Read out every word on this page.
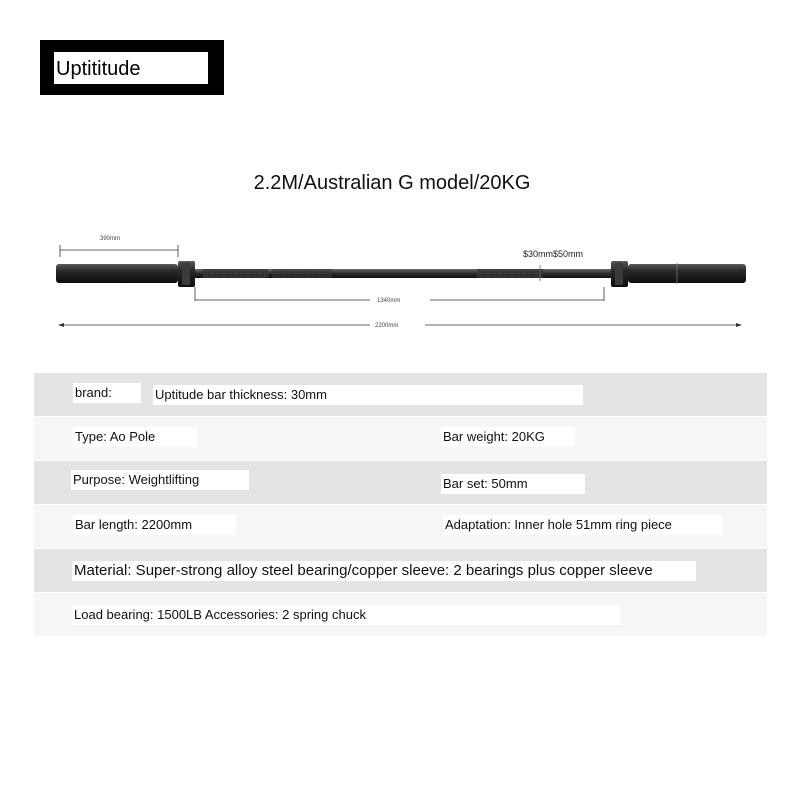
Uptititude
2.2M/Australian G model/20KG
390mm
$30mm$50mm
1340mm
2200mm
brand:	Uptitude bar thickness: 30mm
Type: Ao Pole	Bar weight: 20KG
Purpose: Weightlifting	Bar set: 50mm
Bar length: 2200mm	Adaptation: Inner hole 51mm ring piece
Material: Super-strong alloy steel bearing/copper sleeve: 2 bearings plus copper sleeve
Load bearing: 1500LB Accessories: 2 spring chuck
